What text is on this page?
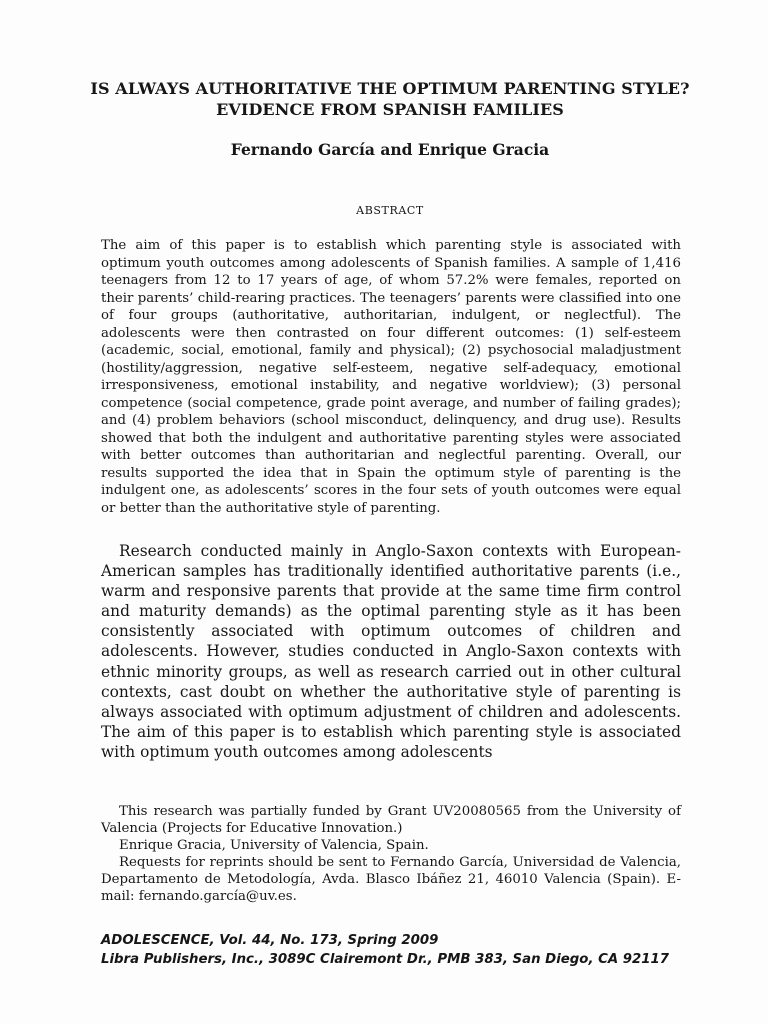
IS ALWAYS AUTHORITATIVE THE OPTIMUM PARENTING STYLE? EVIDENCE FROM SPANISH FAMILIES
Fernando García and Enrique Gracia
ABSTRACT

The aim of this paper is to establish which parenting style is associated with optimum youth outcomes among adolescents of Spanish families. A sample of 1,416 teenagers from 12 to 17 years of age, of whom 57.2% were females, reported on their parents’ child-rearing practices. The teenagers’ parents were classified into one of four groups (authoritative, authoritarian, indulgent, or neglectful). The adolescents were then contrasted on four different outcomes: (1) self-esteem (academic, social, emotional, family and physical); (2) psychosocial maladjustment (hostility/aggression, negative self-esteem, negative self-adequacy, emotional irresponsiveness, emotional instability, and negative worldview); (3) personal competence (social competence, grade point average, and number of failing grades); and (4) problem behaviors (school misconduct, delinquency, and drug use). Results showed that both the indulgent and authoritative parenting styles were associated with better outcomes than authoritarian and neglectful parenting. Overall, our results supported the idea that in Spain the optimum style of parenting is the indulgent one, as adolescents’ scores in the four sets of youth outcomes were equal or better than the authoritative style of parenting.

Research conducted mainly in Anglo-Saxon contexts with European-American samples has traditionally identified authoritative parents (i.e., warm and responsive parents that provide at the same time firm control and maturity demands) as the optimal parenting style as it has been consistently associated with optimum outcomes of children and adolescents. However, studies conducted in Anglo-Saxon contexts with ethnic minority groups, as well as research carried out in other cultural contexts, cast doubt on whether the authoritative style of parenting is always associated with optimum adjustment of children and adolescents. The aim of this paper is to establish which parenting style is associated with optimum youth outcomes among adolescents

This research was partially funded by Grant UV20080565 from the University of Valencia (Projects for Educative Innovation.)

Enrique Gracia, University of Valencia, Spain.

Requests for reprints should be sent to Fernando García, Universidad de Valencia, Departamento de Metodología, Avda. Blasco Ibáñez 21, 46010 Valencia (Spain). E-mail: fernando.garcía@uv.es.

ADOLESCENCE, Vol. 44, No. 173, Spring 2009
Libra Publishers, Inc., 3089C Clairemont Dr., PMB 383, San Diego, CA 92117
